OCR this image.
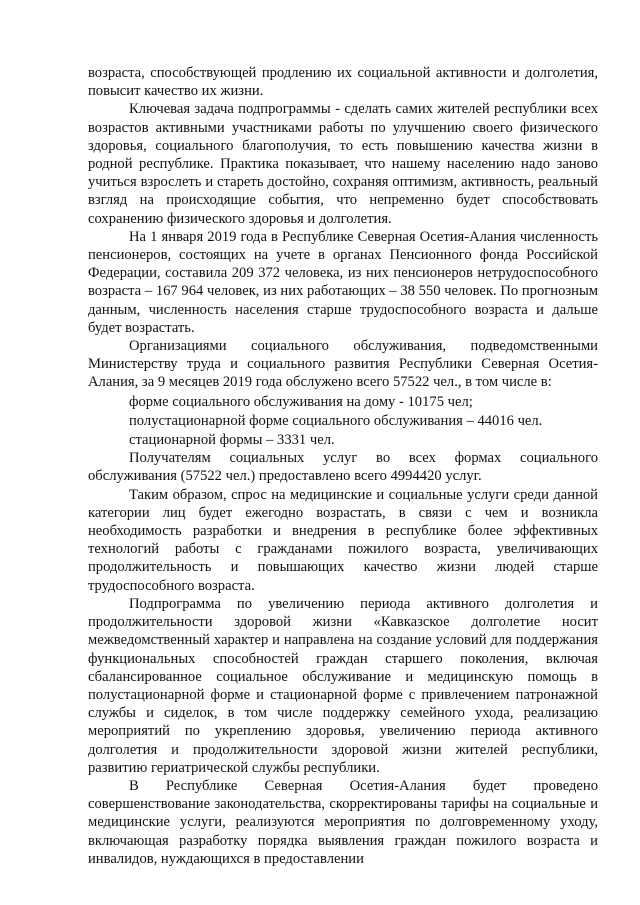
возраста, способствующей продлению их социальной активности и долголетия, повысит качество их жизни.

Ключевая задача подпрограммы - сделать самих жителей республики всех возрастов активными участниками работы по улучшению своего физического здоровья, социального благополучия, то есть повышению качества жизни в родной республике. Практика показывает, что нашему населению надо заново учиться взрослеть и стареть достойно, сохраняя оптимизм, активность, реальный взгляд на происходящие события, что непременно будет способствовать сохранению физического здоровья и долголетия.

На 1 января 2019 года в Республике Северная Осетия-Алания численность пенсионеров, состоящих на учете в органах Пенсионного фонда Российской Федерации, составила 209 372 человека, из них пенсионеров нетрудоспособного возраста – 167 964 человек, из них работающих – 38 550 человек. По прогнозным данным, численность населения старше трудоспособного возраста и дальше будет возрастать.

Организациями социального обслуживания, подведомственными Министерству труда и социального развития Республики Северная Осетия-Алания, за 9 месяцев 2019 года обслужено всего 57522 чел., в том числе в:

форме социального обслуживания на дому - 10175 чел;

полустационарной форме социального обслуживания – 44016 чел.

стационарной формы – 3331 чел.

Получателям социальных услуг во всех формах социального обслуживания (57522 чел.) предоставлено всего 4994420 услуг.

Таким образом, спрос на медицинские и социальные услуги среди данной категории лиц будет ежегодно возрастать, в связи с чем и возникла необходимость разработки и внедрения в республике более эффективных технологий работы с гражданами пожилого возраста, увеличивающих продолжительность и повышающих качество жизни людей старше трудоспособного возраста.

Подпрограмма по увеличению периода активного долголетия и продолжительности здоровой жизни «Кавказское долголетие носит межведомственный характер и направлена на создание условий для поддержания функциональных способностей граждан старшего поколения, включая сбалансированное социальное обслуживание и медицинскую помощь в полустационарной форме и стационарной форме с привлечением патронажной службы и сиделок, в том числе поддержку семейного ухода, реализацию мероприятий по укреплению здоровья, увеличению периода активного долголетия и продолжительности здоровой жизни жителей республики, развитию гериатрической службы республики.

В Республике Северная Осетия-Алания будет проведено совершенствование законодательства, скорректированы тарифы на социальные и медицинские услуги, реализуются мероприятия по долговременному уходу, включающая разработку порядка выявления граждан пожилого возраста и инвалидов, нуждающихся в предоставлении
